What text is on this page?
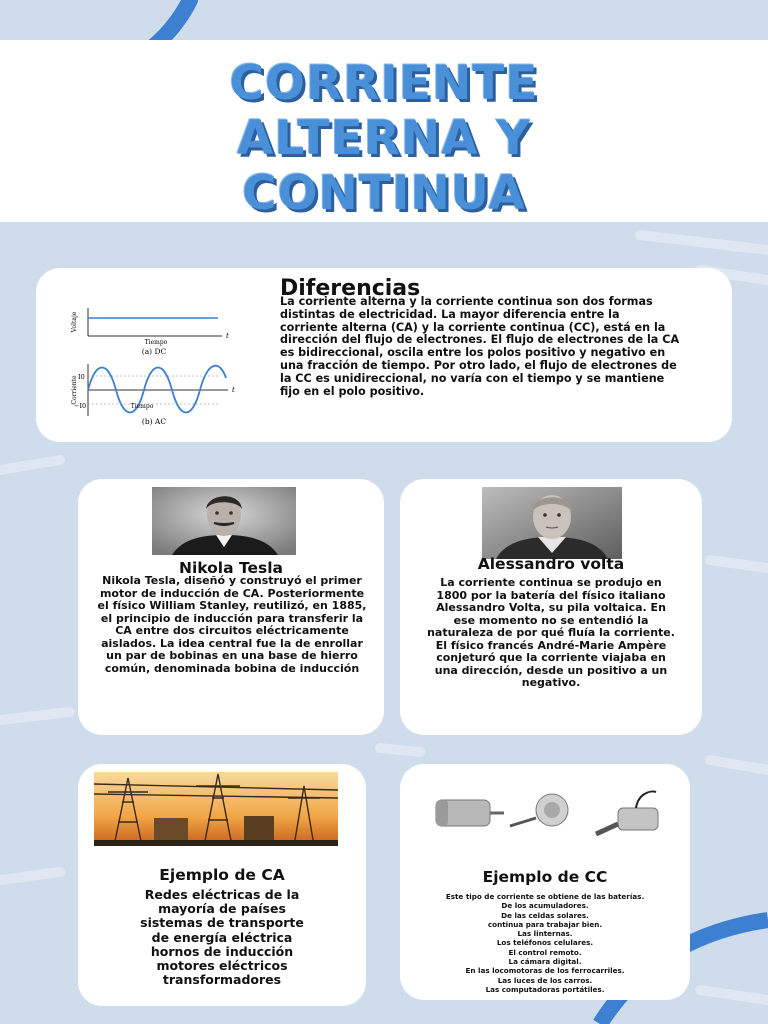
CORRIENTE
ALTERNA Y
CONTINUA
Voltaje
Tiempo
t
(a) DC
Corriente I0
−I0	Tiempo
t
(b) AC
Diferencias

La corriente alterna y la corriente continua son dos formas distintas de electricidad. La mayor diferencia entre la corriente alterna (CA) y la corriente continua (CC), está en la dirección del flujo de electrones. El flujo de electrones de la CA es bidireccional, oscila entre los polos positivo y negativo en una fracción de tiempo. Por otro lado, el flujo de electrones de la CC es unidireccional, no varía con el tiempo y se mantiene fijo en el polo positivo.

Nikola Tesla

Nikola Tesla, diseñó y construyó el primer motor de inducción de CA. Posteriormente el físico William Stanley, reutilizó, en 1885, el principio de inducción para transferir la CA entre dos circuitos eléctricamente aislados. La idea central fue la de enrollar un par de bobinas en una base de hierro común, denominada bobina de inducción

Alessandro volta

La corriente continua se produjo en 1800 por la batería del físico italiano Alessandro Volta, su pila voltaica. En ese momento no se entendió la naturaleza de por qué fluía la corriente. El físico francés André-Marie Ampère conjeturó que la corriente viajaba en una dirección, desde un positivo a un negativo.

Ejemplo de CA
Redes eléctricas de la
mayoría de países
sistemas de transporte
de energía eléctrica
hornos de inducción
motores eléctricos
transformadores
Ejemplo de CC
Este tipo de corriente se obtiene de las baterías.
De los acumuladores.
De las celdas solares.
continua para trabajar bien.
Las linternas.
Los teléfonos celulares.
El control remoto.
La cámara digital.
En las locomotoras de los ferrocarriles.
Las luces de los carros.
Las computadoras portátiles.
